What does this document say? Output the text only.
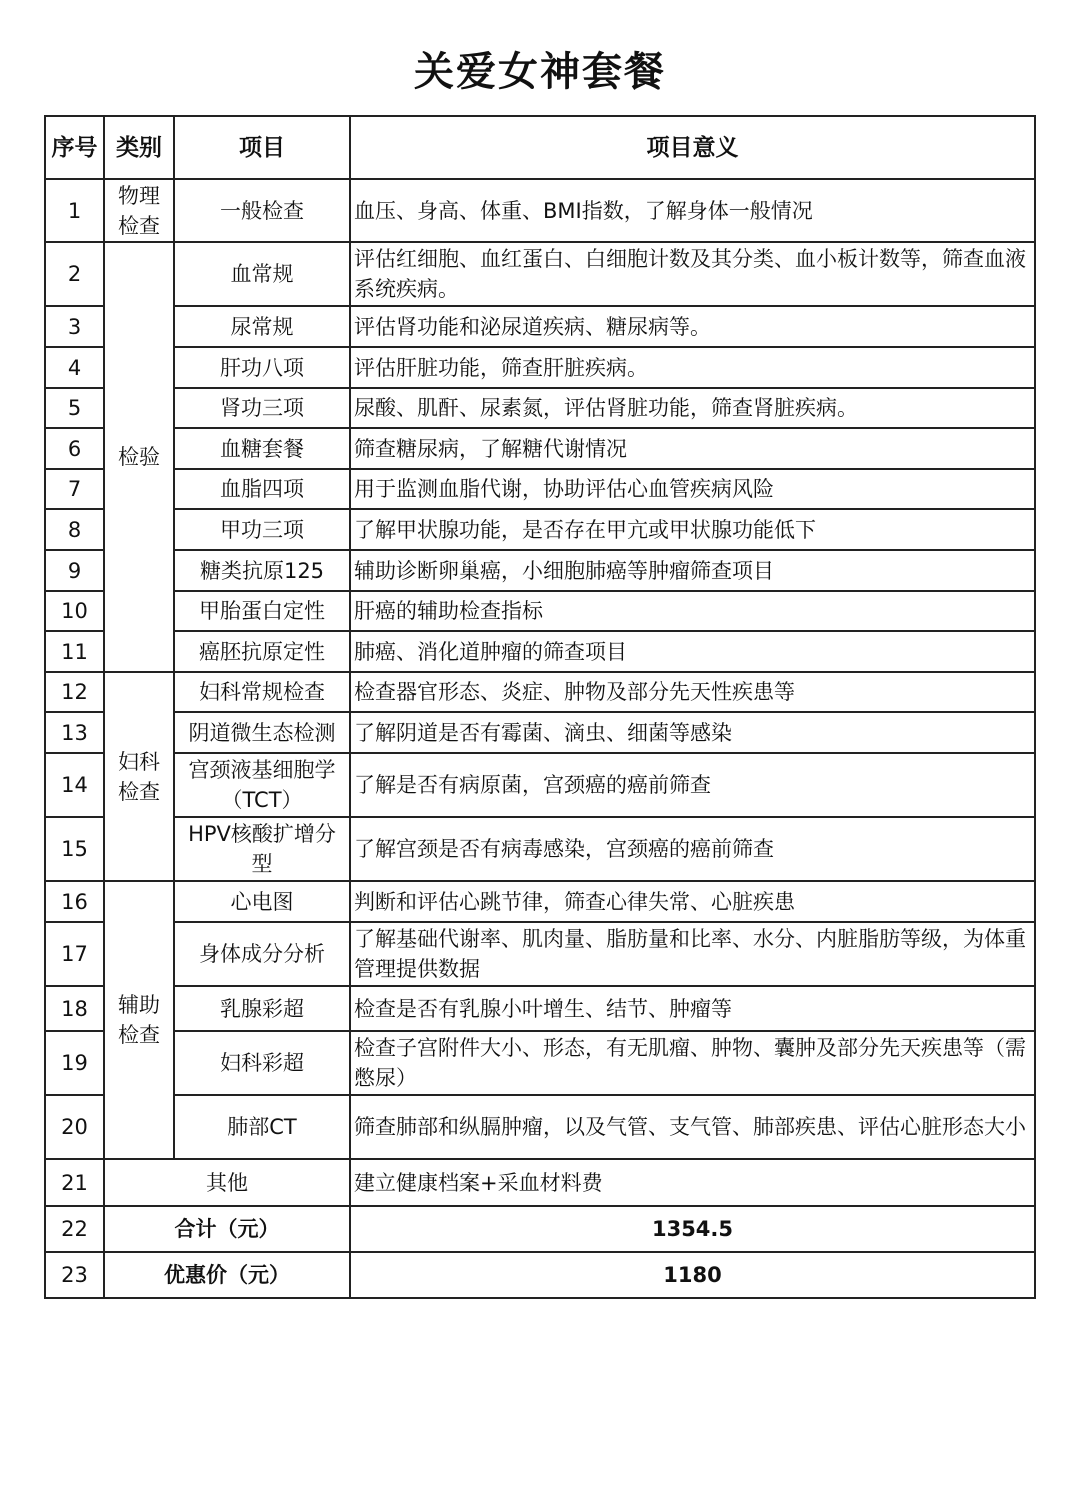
关爱女神套餐
序号	类别	项目	项目意义
1	物理检查	一般检查	血压、身高、体重、BMI指数，了解身体一般情况
2	检验	血常规	评估红细胞、血红蛋白、白细胞计数及其分类、血小板计数等，筛查血液系统疾病。
3		尿常规	评估肾功能和泌尿道疾病、糖尿病等。
4		肝功八项	评估肝脏功能，筛查肝脏疾病。
5		肾功三项	尿酸、肌酐、尿素氮，评估肾脏功能，筛查肾脏疾病。
6		血糖套餐	筛查糖尿病，了解糖代谢情况
7		血脂四项	用于监测血脂代谢，协助评估心血管疾病风险
8		甲功三项	了解甲状腺功能，是否存在甲亢或甲状腺功能低下
9		糖类抗原125	辅助诊断卵巢癌，小细胞肺癌等肿瘤筛查项目
10		甲胎蛋白定性	肝癌的辅助检查指标
11		癌胚抗原定性	肺癌、消化道肿瘤的筛查项目
12	妇科检查	妇科常规检查	检查器官形态、炎症、肿物及部分先天性疾患等
13		阴道微生态检测	了解阴道是否有霉菌、滴虫、细菌等感染
14		宫颈液基细胞学（TCT）	了解是否有病原菌，宫颈癌的癌前筛查
15		HPV核酸扩增分型	了解宫颈是否有病毒感染，宫颈癌的癌前筛查
16	辅助检查	心电图	判断和评估心跳节律，筛查心律失常、心脏疾患
17		身体成分分析	了解基础代谢率、肌肉量、脂肪量和比率、水分、内脏脂肪等级，为体重管理提供数据
18		乳腺彩超	检查是否有乳腺小叶增生、结节、肿瘤等
19		妇科彩超	检查子宫附件大小、形态，有无肌瘤、肿物、囊肿及部分先天疾患等（需憋尿）
20		肺部CT	筛查肺部和纵膈肿瘤，以及气管、支气管、肺部疾患、评估心脏形态大小
21	其他		建立健康档案+采血材料费
22	合计（元）		1354.5
23	优惠价（元）		1180
